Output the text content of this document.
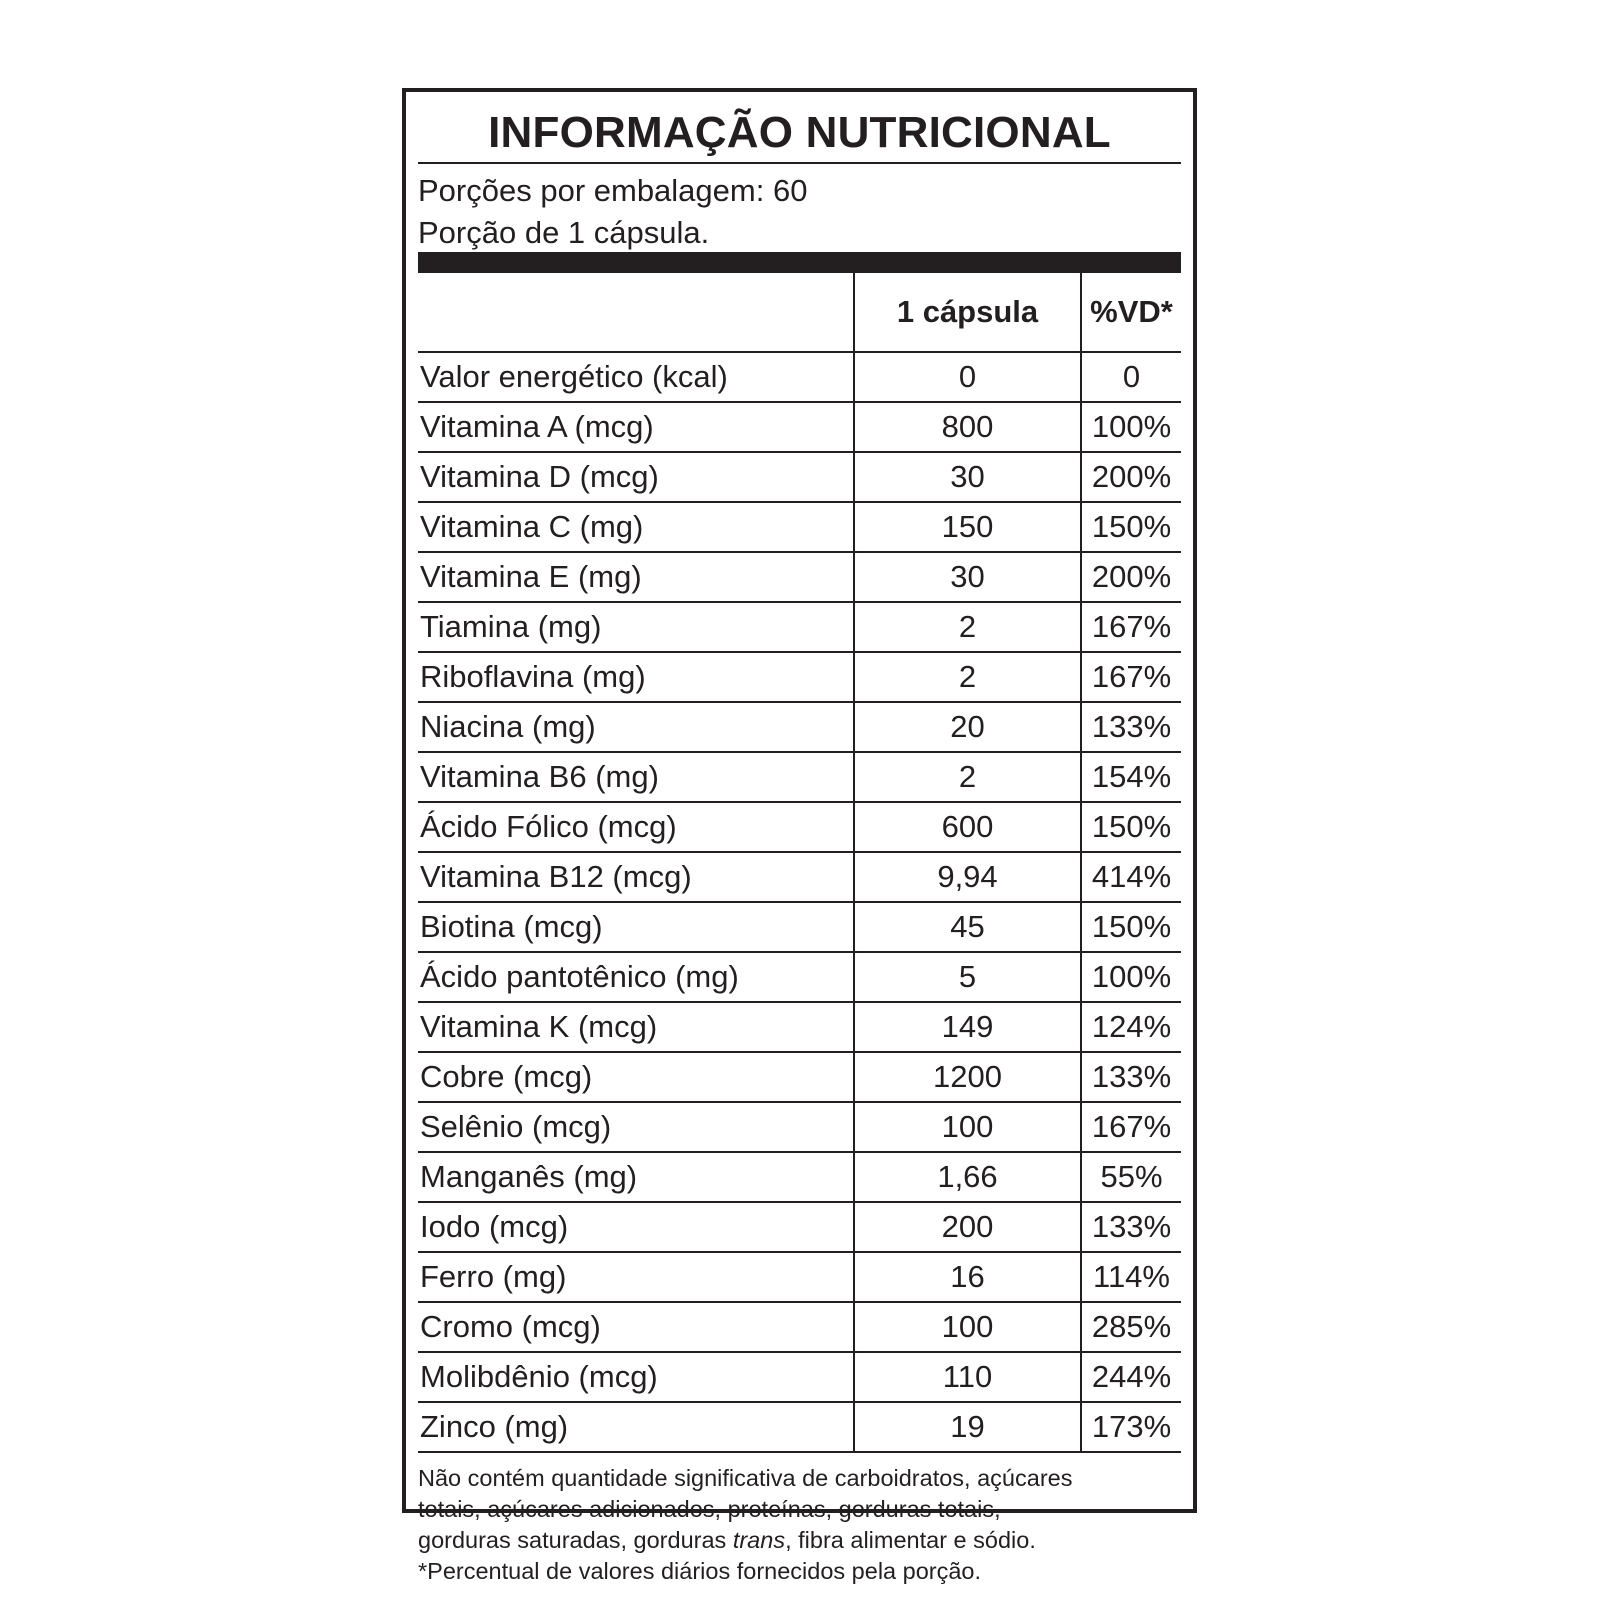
INFORMAÇÃO NUTRICIONAL
Porções por embalagem: 60
Porção de 1 cápsula.
	1 cápsula	%VD*
Valor energético (kcal)	0	0
Vitamina A (mcg)	800	100%
Vitamina D (mcg)	30	200%
Vitamina C (mg)	150	150%
Vitamina E (mg)	30	200%
Tiamina (mg)	2	167%
Riboflavina (mg)	2	167%
Niacina (mg)	20	133%
Vitamina B6 (mg)	2	154%
Ácido Fólico (mcg)	600	150%
Vitamina B12 (mcg)	9,94	414%
Biotina (mcg)	45	150%
Ácido pantotênico (mg)	5	100%
Vitamina K (mcg)	149	124%
Cobre (mcg)	1200	133%
Selênio (mcg)	100	167%
Manganês (mg)	1,66	55%
Iodo (mcg)	200	133%
Ferro (mg)	16	114%
Cromo (mcg)	100	285%
Molibdênio (mcg)	110	244%
Zinco (mg)	19	173%

Não contém quantidade significativa de carboidratos, açúcares

totais, açúcares adicionados, proteínas, gorduras totais,

gorduras saturadas, gorduras trans, fibra alimentar e sódio.

*Percentual de valores diários fornecidos pela porção.
